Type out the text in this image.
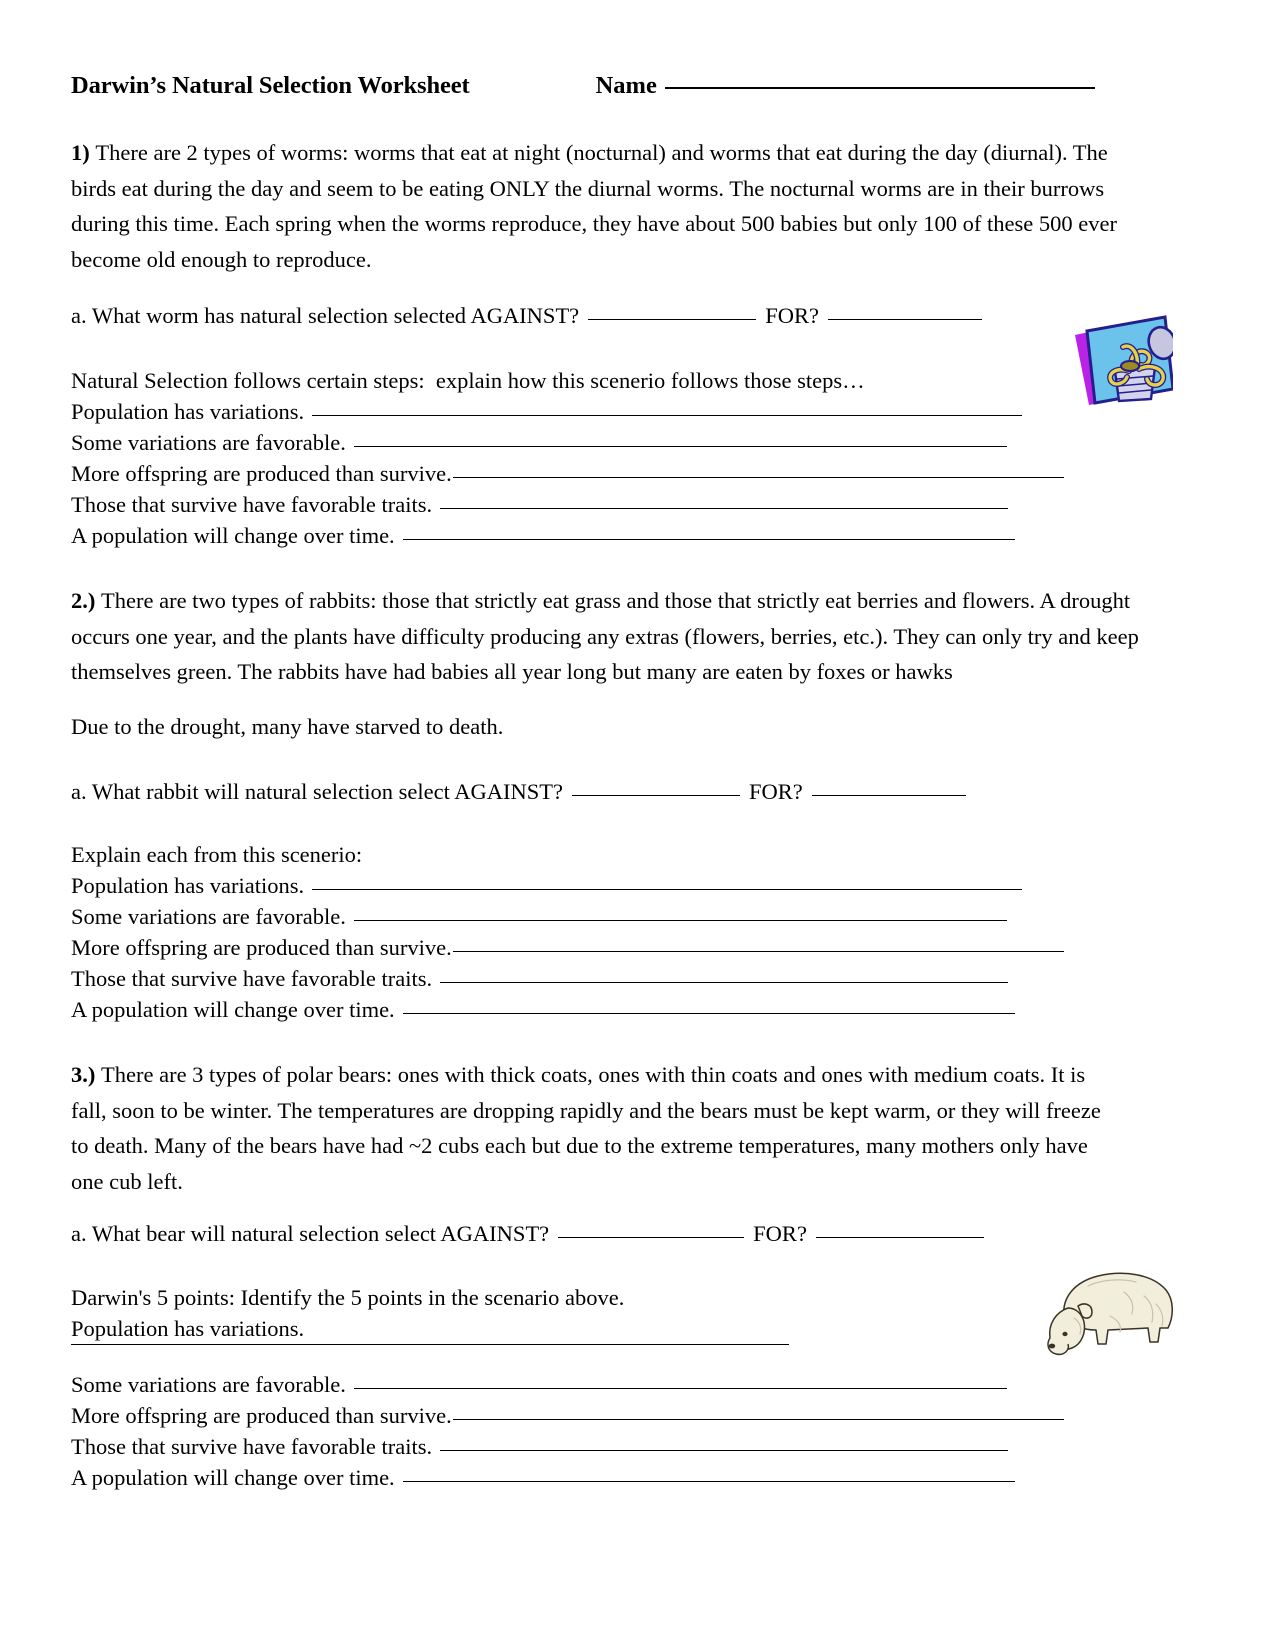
Darwin’s Natural Selection Worksheet	Name
1) There are 2 types of worms: worms that eat at night (nocturnal) and worms that eat during the day (diurnal). The birds eat during the day and seem to be eating ONLY the diurnal worms. The nocturnal worms are in their burrows during this time. Each spring when the worms reproduce, they have about 500 babies but only 100 of these 500 ever become old enough to reproduce.
a. What worm has natural selection selected AGAINST?	FOR?
Natural Selection follows certain steps:  explain how this scenerio follows those steps…
Population has variations.
Some variations are favorable.
More offspring are produced than survive.
Those that survive have favorable traits.
A population will change over time.
2.) There are two types of rabbits: those that strictly eat grass and those that strictly eat berries and flowers. A drought occurs one year, and the plants have difficulty producing any extras (flowers, berries, etc.). They can only try and keep themselves green. The rabbits have had babies all year long but many are eaten by foxes or hawks
Due to the drought, many have starved to death.
a. What rabbit will natural selection select AGAINST?	FOR?
Explain each from this scenerio:
Population has variations.
Some variations are favorable.
More offspring are produced than survive.
Those that survive have favorable traits.
A population will change over time.
3.) There are 3 types of polar bears: ones with thick coats, ones with thin coats and ones with medium coats. It is fall, soon to be winter. The temperatures are dropping rapidly and the bears must be kept warm, or they will freeze to death. Many of the bears have had ~2 cubs each but due to the extreme temperatures, many mothers only have one cub left.
a. What bear will natural selection select AGAINST?	FOR?
Darwin's 5 points: Identify the 5 points in the scenario above.
Population has variations.
Some variations are favorable.
More offspring are produced than survive.
Those that survive have favorable traits.
A population will change over time.
